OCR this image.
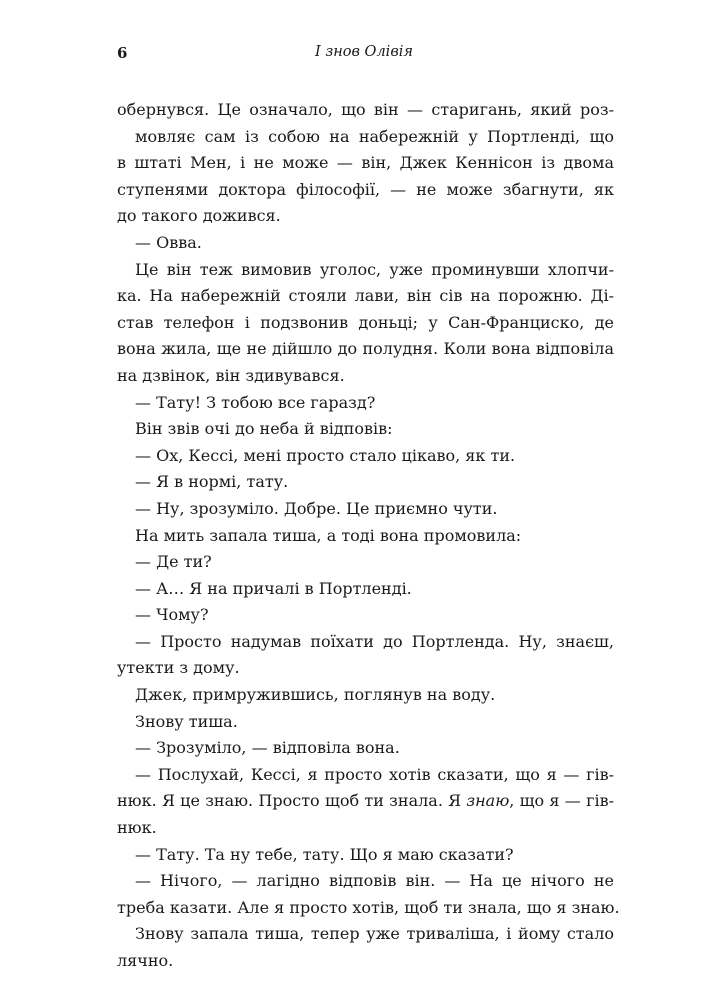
6	І знов Олівія
обернувся. Це означало, що він — старигань, який роз-
мовляє сам із собою на набережній у Портленді, що
в штаті Мен, і не може — він, Джек Кеннісон із двома
ступенями доктора філософії, — не може збагнути, як
до такого дожився.
— Овва.
Це він теж вимовив уголос, уже проминувши хлопчи-
ка. На набережній стояли лави, він сів на порожню. Ді-
став телефон і подзвонив доньці; у Сан-Франциско, де
вона жила, ще не дійшло до полудня. Коли вона відповіла
на дзвінок, він здивувався.
— Тату! З тобою все гаразд?
Він звів очі до неба й відповів:
— Ох, Кессі, мені просто стало цікаво, як ти.
— Я в нормі, тату.
— Ну, зрозуміло. Добре. Це приємно чути.
На мить запала тиша, а тоді вона промовила:
— Де ти?
— А… Я на причалі в Портленді.
— Чому?
— Просто надумав поїхати до Портленда. Ну, знаєш,
утекти з дому.
Джек, примружившись, поглянув на воду.
Знову тиша.
— Зрозуміло, — відповіла вона.
— Послухай, Кессі, я просто хотів сказати, що я — гів-
нюк. Я це знаю. Просто щоб ти знала. Я знаю, що я — гів-
нюк.
— Тату. Та ну тебе, тату. Що я маю сказати?
— Нічого, — лагідно відповів він. — На це нічого не
треба казати. Але я просто хотів, щоб ти знала, що я знаю.
Знову запала тиша, тепер уже триваліша, і йому стало
лячно.
